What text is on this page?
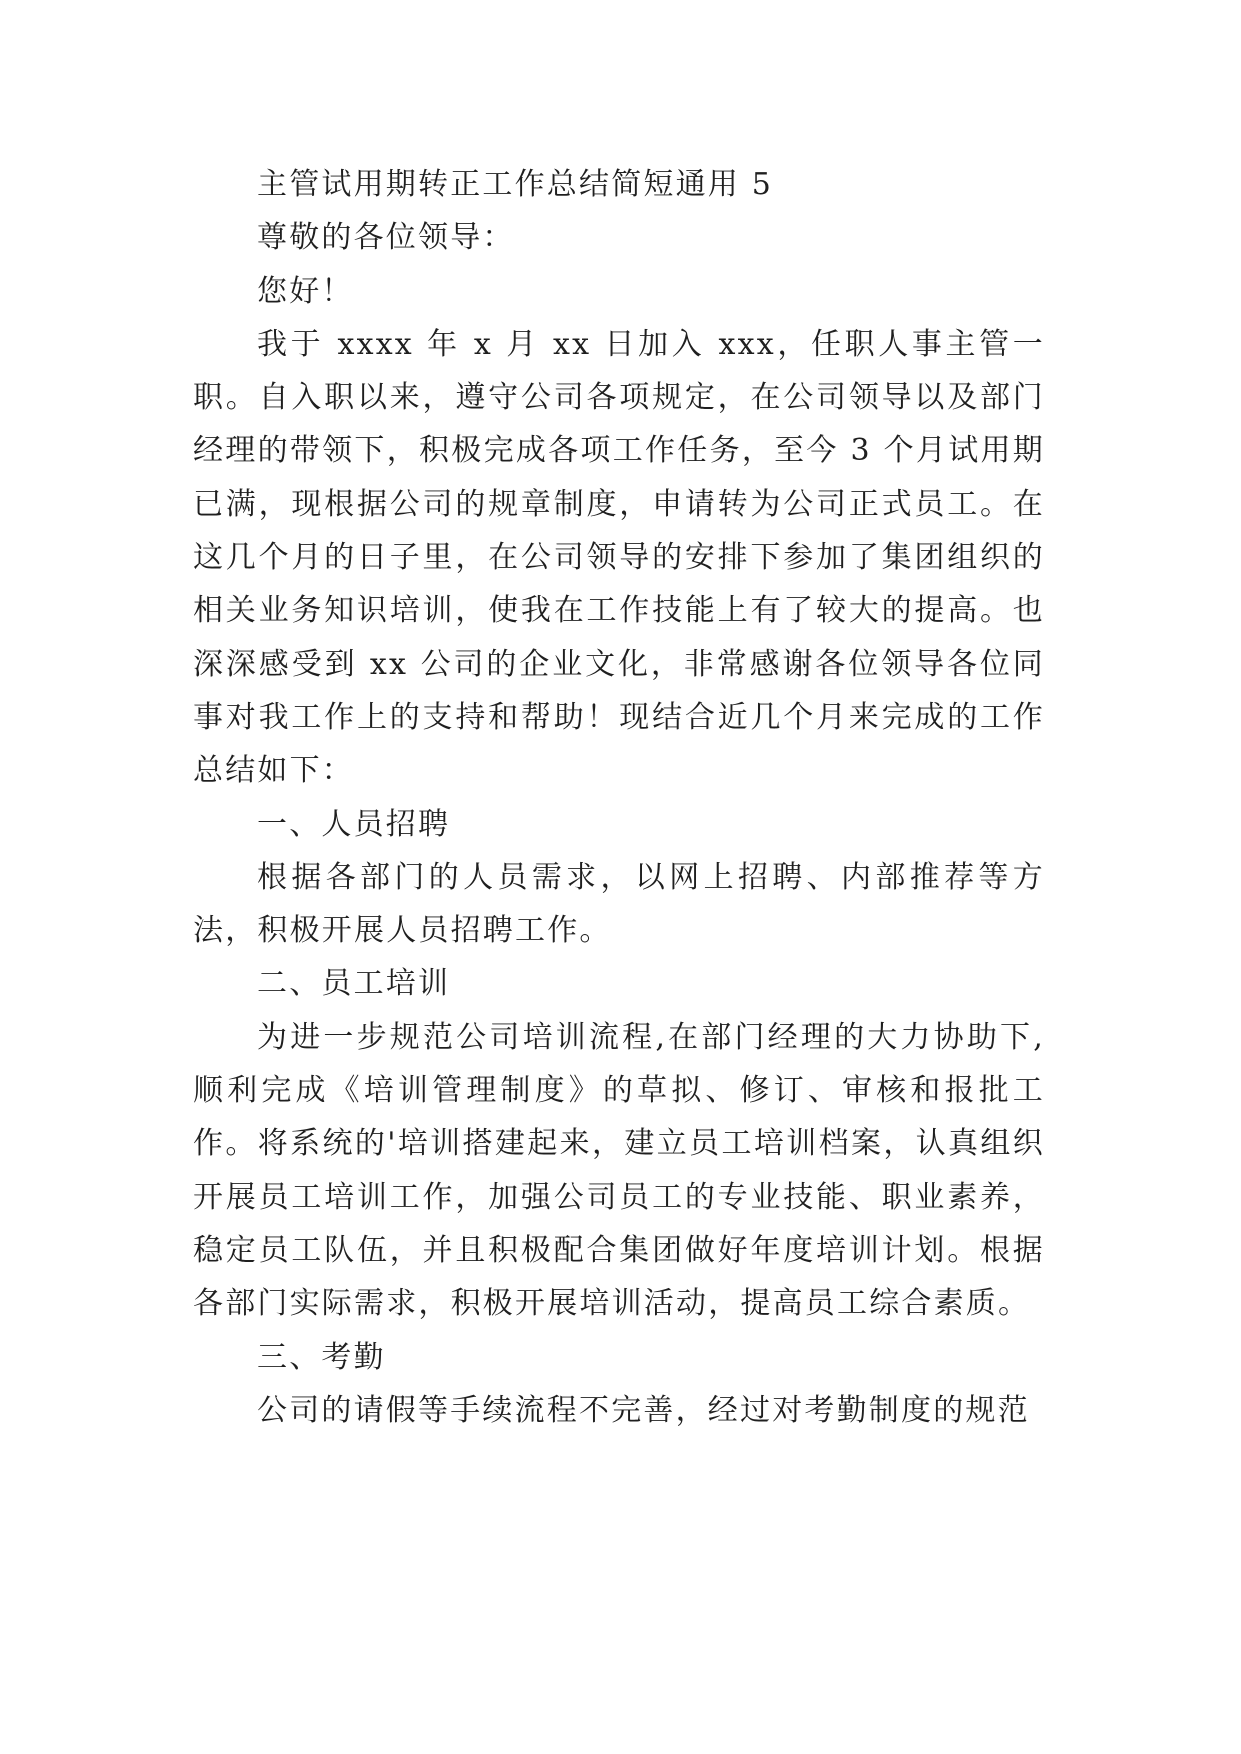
主管试用期转正工作总结简短通用 5

尊敬的各位领导：

您好！

我于 xxxx 年 x 月 xx 日加入 xxx，任职人事主管一职。自入职以来，遵守公司各项规定，在公司领导以及部门经理的带领下，积极完成各项工作任务，至今 3 个月试用期已满，现根据公司的规章制度，申请转为公司正式员工。在这几个月的日子里，在公司领导的安排下参加了集团组织的相关业务知识培训，使我在工作技能上有了较大的提高。也深深感受到 xx 公司的企业文化，非常感谢各位领导各位同事对我工作上的支持和帮助！现结合近几个月来完成的工作总结如下：

一、人员招聘

根据各部门的人员需求，以网上招聘、内部推荐等方法，积极开展人员招聘工作。

二、员工培训

为进一步规范公司培训流程,在部门经理的大力协助下,顺利完成《培训管理制度》的草拟、修订、审核和报批工作。将系统的'培训搭建起来，建立员工培训档案，认真组织开展员工培训工作，加强公司员工的专业技能、职业素养，稳定员工队伍，并且积极配合集团做好年度培训计划。根据各部门实际需求，积极开展培训活动，提高员工综合素质。

三、考勤

公司的请假等手续流程不完善，经过对考勤制度的规范
